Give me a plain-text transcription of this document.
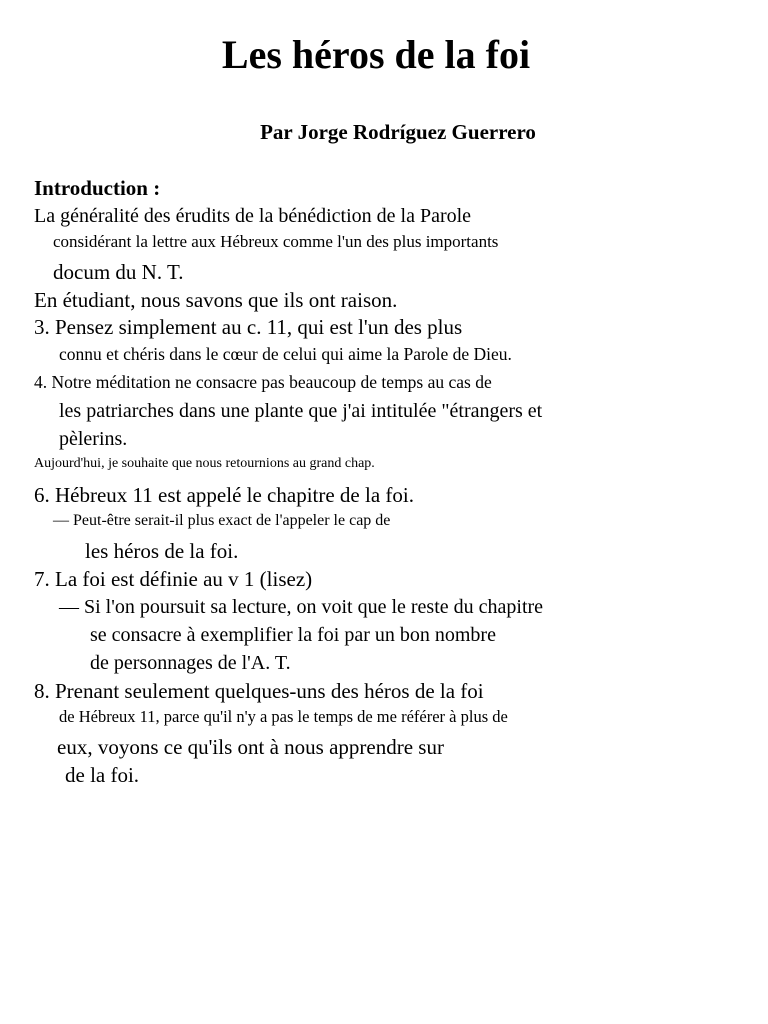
Les héros de la foi
Par Jorge Rodríguez Guerrero

Introduction :

La généralité des érudits de la bénédiction de la Parole

considérant la lettre aux Hébreux comme l'un des plus importants

docum du N. T.

En étudiant, nous savons que ils ont raison.

3. Pensez simplement au c. 11, qui est l'un des plus

connu et chéris dans le cœur de celui qui aime la Parole de Dieu.

4. Notre méditation ne consacre pas beaucoup de temps au cas de

les patriarches dans une plante que j'ai intitulée "étrangers et

pèlerins.

Aujourd'hui, je souhaite que nous retournions au grand chap.

6. Hébreux 11 est appelé le chapitre de la foi.

— Peut-être serait-il plus exact de l'appeler le cap de

les héros de la foi.

7. La foi est définie au v 1 (lisez)

— Si l'on poursuit sa lecture, on voit que le reste du chapitre

se consacre à exemplifier la foi par un bon nombre

de personnages de l'A. T.

8. Prenant seulement quelques-uns des héros de la foi

de Hébreux 11, parce qu'il n'y a pas le temps de me référer à plus de

eux, voyons ce qu'ils ont à nous apprendre sur

de la foi.
